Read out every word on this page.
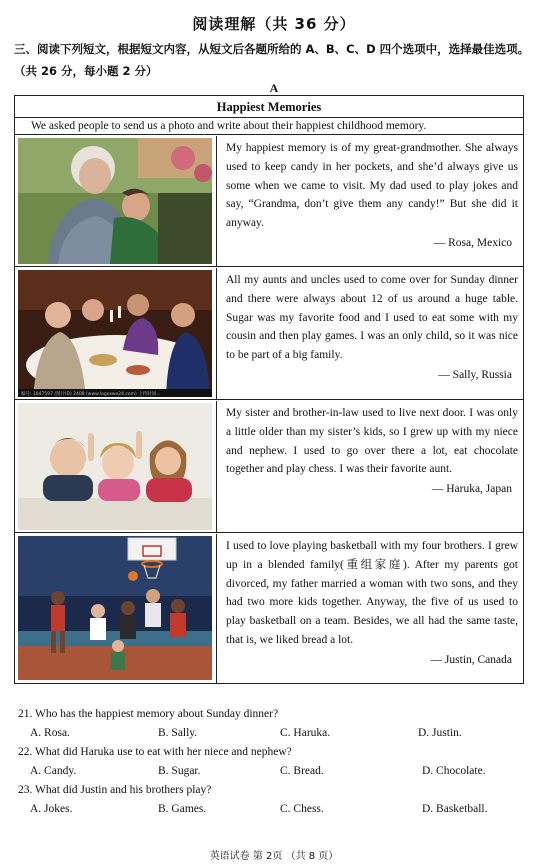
阅读理解（共 36 分）
三、阅读下列短文，根据短文内容，从短文后各题所给的 A、B、C、D 四个选项中，选择最佳选项。（共 26 分，每小题 2 分）
A
Happiest Memories
We asked people to send us a photo and write about their happiest childhood memory.
My happiest memory is of my great-grandmother. She always used to keep candy in her pockets, and she’d always give us some when we came to visit. My dad used to play jokes and say, “Grandma, don’t give them any candy!” But she did it anyway.
— Rosa, Mexico
编号: 1047597 (图片ID) 2408 (www.logoswe24.com) 上传时间...
All my aunts and uncles used to come over for Sunday dinner and there were always about 12 of us around a huge table. Sugar was my favorite food and I used to eat some with my cousin and then play games. I was an only child, so it was nice to be part of a big family.
— Sally, Russia
My sister and brother-in-law used to live next door. I was only a little older than my sister’s kids, so I grew up with my niece and nephew. I used to go over there a lot, eat chocolate together and play chess. I was their favorite aunt.
— Haruka, Japan
I used to love playing basketball with my four brothers. I grew up in a blended family(重组家庭). After my parents got divorced, my father married a woman with two sons, and they had two more kids together. Anyway, the five of us used to play basketball on a team. Besides, we all had the same taste, that is, we liked bread a lot.
— Justin, Canada
21. Who has the happiest memory about Sunday dinner?
A. Rosa.	B. Sally.	C. Haruka.	D. Justin.
22. What did Haruka use to eat with her niece and nephew?
A. Candy.	B. Sugar.	C. Bread.	D. Chocolate.
23. What did Justin and his brothers play?
A. Jokes.	B. Games.	C. Chess.	D. Basketball.
英语试卷 第 2页 （共 8 页）
